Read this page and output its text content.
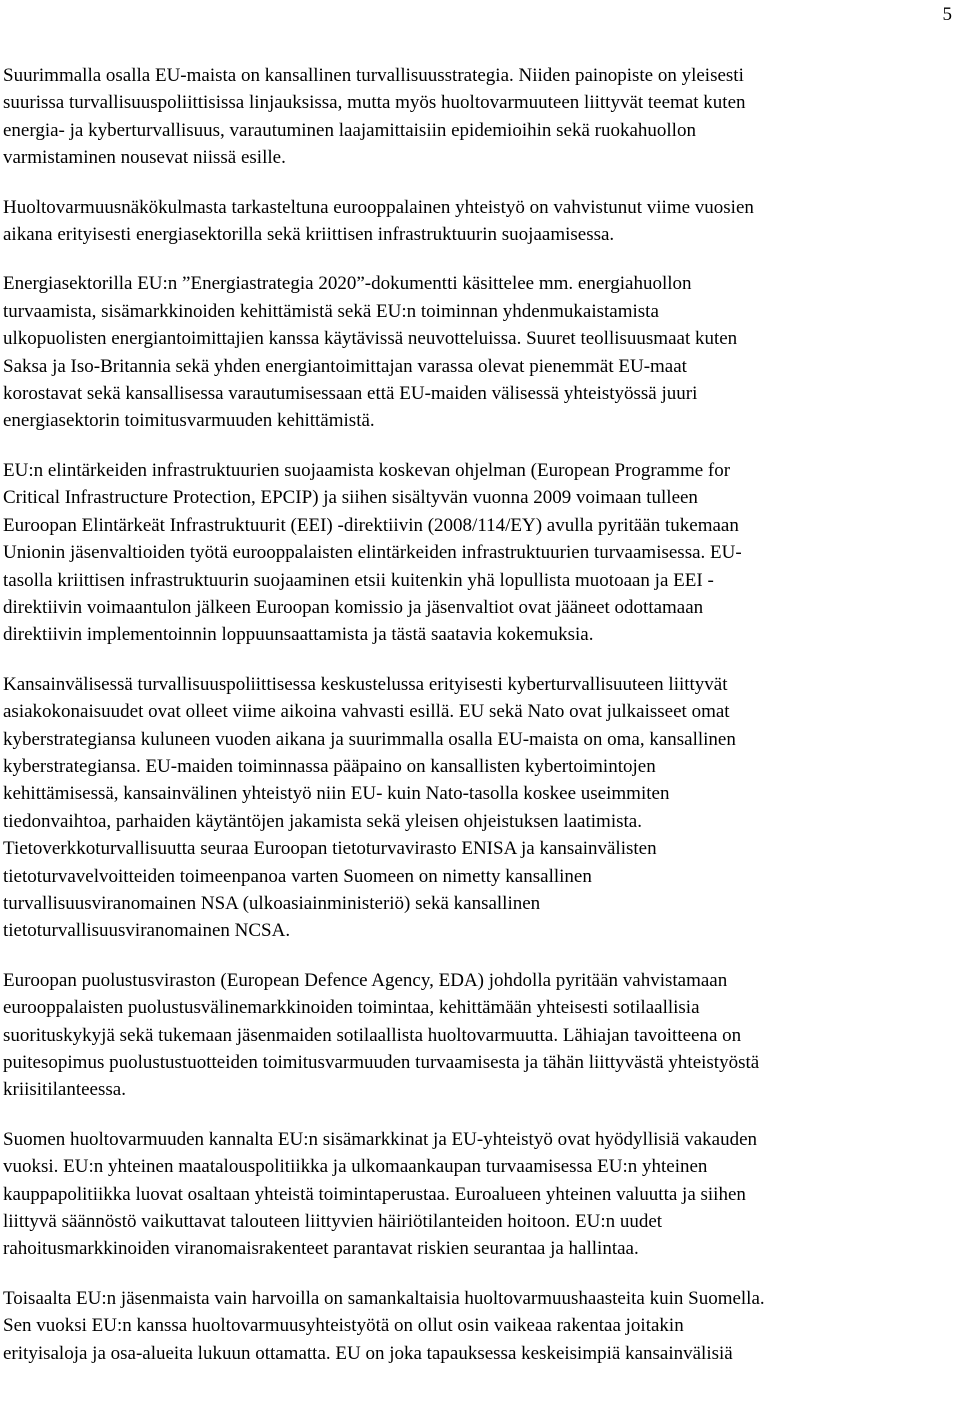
5

Suurimmalla osalla EU-maista on kansallinen turvallisuusstrategia. Niiden painopiste on yleisesti
suurissa turvallisuuspoliittisissa linjauksissa, mutta myös huoltovarmuuteen liittyvät teemat kuten
energia- ja kyberturvallisuus, varautuminen laajamittaisiin epidemioihin sekä ruokahuollon
varmistaminen nousevat niissä esille.

Huoltovarmuusnäkökulmasta tarkasteltuna eurooppalainen yhteistyö on vahvistunut viime vuosien
aikana erityisesti energiasektorilla sekä kriittisen infrastruktuurin suojaamisessa.

Energiasektorilla EU:n ”Energiastrategia 2020”-dokumentti käsittelee mm. energiahuollon
turvaamista, sisämarkkinoiden kehittämistä sekä EU:n toiminnan yhdenmukaistamista
ulkopuolisten energiantoimittajien kanssa käytävissä neuvotteluissa. Suuret teollisuusmaat kuten
Saksa ja Iso-Britannia sekä yhden energiantoimittajan varassa olevat pienemmät EU-maat
korostavat sekä kansallisessa varautumisessaan että EU-maiden välisessä yhteistyössä juuri
energiasektorin toimitusvarmuuden kehittämistä.

EU:n elintärkeiden infrastruktuurien suojaamista koskevan ohjelman (European Programme for
Critical Infrastructure Protection, EPCIP) ja siihen sisältyvän vuonna 2009 voimaan tulleen
Euroopan Elintärkeät Infrastruktuurit (EEI) -direktiivin (2008/114/EY) avulla pyritään tukemaan
Unionin jäsenvaltioiden työtä eurooppalaisten elintärkeiden infrastruktuurien turvaamisessa. EU-
tasolla kriittisen infrastruktuurin suojaaminen etsii kuitenkin yhä lopullista muotoaan ja EEI -
direktiivin voimaantulon jälkeen Euroopan komissio ja jäsenvaltiot ovat jääneet odottamaan
direktiivin implementoinnin loppuunsaattamista ja tästä saatavia kokemuksia.

Kansainvälisessä turvallisuuspoliittisessa keskustelussa erityisesti kyberturvallisuuteen liittyvät
asiakokonaisuudet ovat olleet viime aikoina vahvasti esillä. EU sekä Nato ovat julkaisseet omat
kyberstrategiansa kuluneen vuoden aikana ja suurimmalla osalla EU-maista on oma, kansallinen
kyberstrategiansa. EU-maiden toiminnassa pääpaino on kansallisten kybertoimintojen
kehittämisessä, kansainvälinen yhteistyö niin EU- kuin Nato-tasolla koskee useimmiten
tiedonvaihtoa, parhaiden käytäntöjen jakamista sekä yleisen ohjeistuksen laatimista.
Tietoverkkoturvallisuutta seuraa Euroopan tietoturvavirasto ENISA ja kansainvälisten
tietoturvavelvoitteiden toimeenpanoa varten Suomeen on nimetty kansallinen
turvallisuusviranomainen NSA (ulkoasiainministeriö) sekä kansallinen
tietoturvallisuusviranomainen NCSA.

Euroopan puolustusviraston (European Defence Agency, EDA) johdolla pyritään vahvistamaan
eurooppalaisten puolustusvälinemarkkinoiden toimintaa, kehittämään yhteisesti sotilaallisia
suorituskykyjä sekä tukemaan jäsenmaiden sotilaallista huoltovarmuutta. Lähiajan tavoitteena on
puitesopimus puolustustuotteiden toimitusvarmuuden turvaamisesta ja tähän liittyvästä yhteistyöstä
kriisitilanteessa.

Suomen huoltovarmuuden kannalta EU:n sisämarkkinat ja EU-yhteistyö ovat hyödyllisiä vakauden
vuoksi. EU:n yhteinen maatalouspolitiikka ja ulkomaankaupan turvaamisessa EU:n yhteinen
kauppapolitiikka luovat osaltaan yhteistä toimintaperustaa. Euroalueen yhteinen valuutta ja siihen
liittyvä säännöstö vaikuttavat talouteen liittyvien häiriötilanteiden hoitoon. EU:n uudet
rahoitusmarkkinoiden viranomaisrakenteet parantavat riskien seurantaa ja hallintaa.

Toisaalta EU:n jäsenmaista vain harvoilla on samankaltaisia huoltovarmuushaasteita kuin Suomella.
Sen vuoksi EU:n kanssa huoltovarmuusyhteistyötä on ollut osin vaikeaa rakentaa joitakin
erityisaloja ja osa-alueita lukuun ottamatta. EU on joka tapauksessa keskeisimpiä kansainvälisiä
